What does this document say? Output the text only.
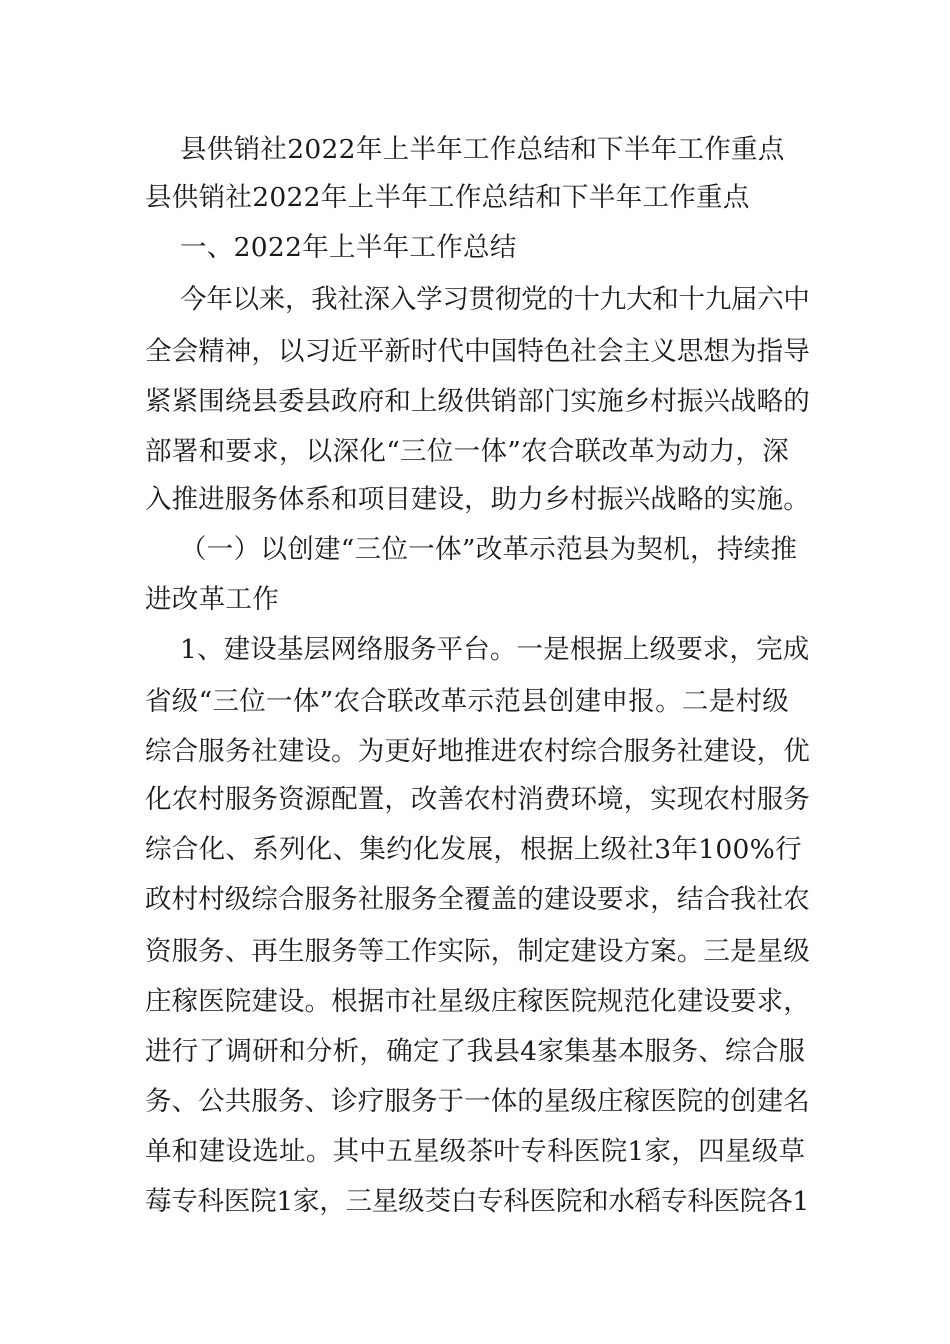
县供销社2022年上半年工作总结和下半年工作重点
县供销社2022年上半年工作总结和下半年工作重点
一、2022年上半年工作总结
今年以来，我社深入学习贯彻党的十九大和十九届六中
全会精神，以习近平新时代中国特色社会主义思想为指导
紧紧围绕县委县政府和上级供销部门实施乡村振兴战略的
部署和要求，以深化“三位一体”农合联改革为动力，深
入推进服务体系和项目建设，助力乡村振兴战略的实施。
（一）以创建“三位一体”改革示范县为契机，持续推
进改革工作
1、建设基层网络服务平台。一是根据上级要求，完成
省级“三位一体”农合联改革示范县创建申报。二是村级
综合服务社建设。为更好地推进农村综合服务社建设，优
化农村服务资源配置，改善农村消费环境，实现农村服务
综合化、系列化、集约化发展，根据上级社3年100%行
政村村级综合服务社服务全覆盖的建设要求，结合我社农
资服务、再生服务等工作实际，制定建设方案。三是星级
庄稼医院建设。根据市社星级庄稼医院规范化建设要求，
进行了调研和分析，确定了我县4家集基本服务、综合服
务、公共服务、诊疗服务于一体的星级庄稼医院的创建名
单和建设选址。其中五星级茶叶专科医院1家，四星级草
莓专科医院1家，三星级茭白专科医院和水稻专科医院各1
